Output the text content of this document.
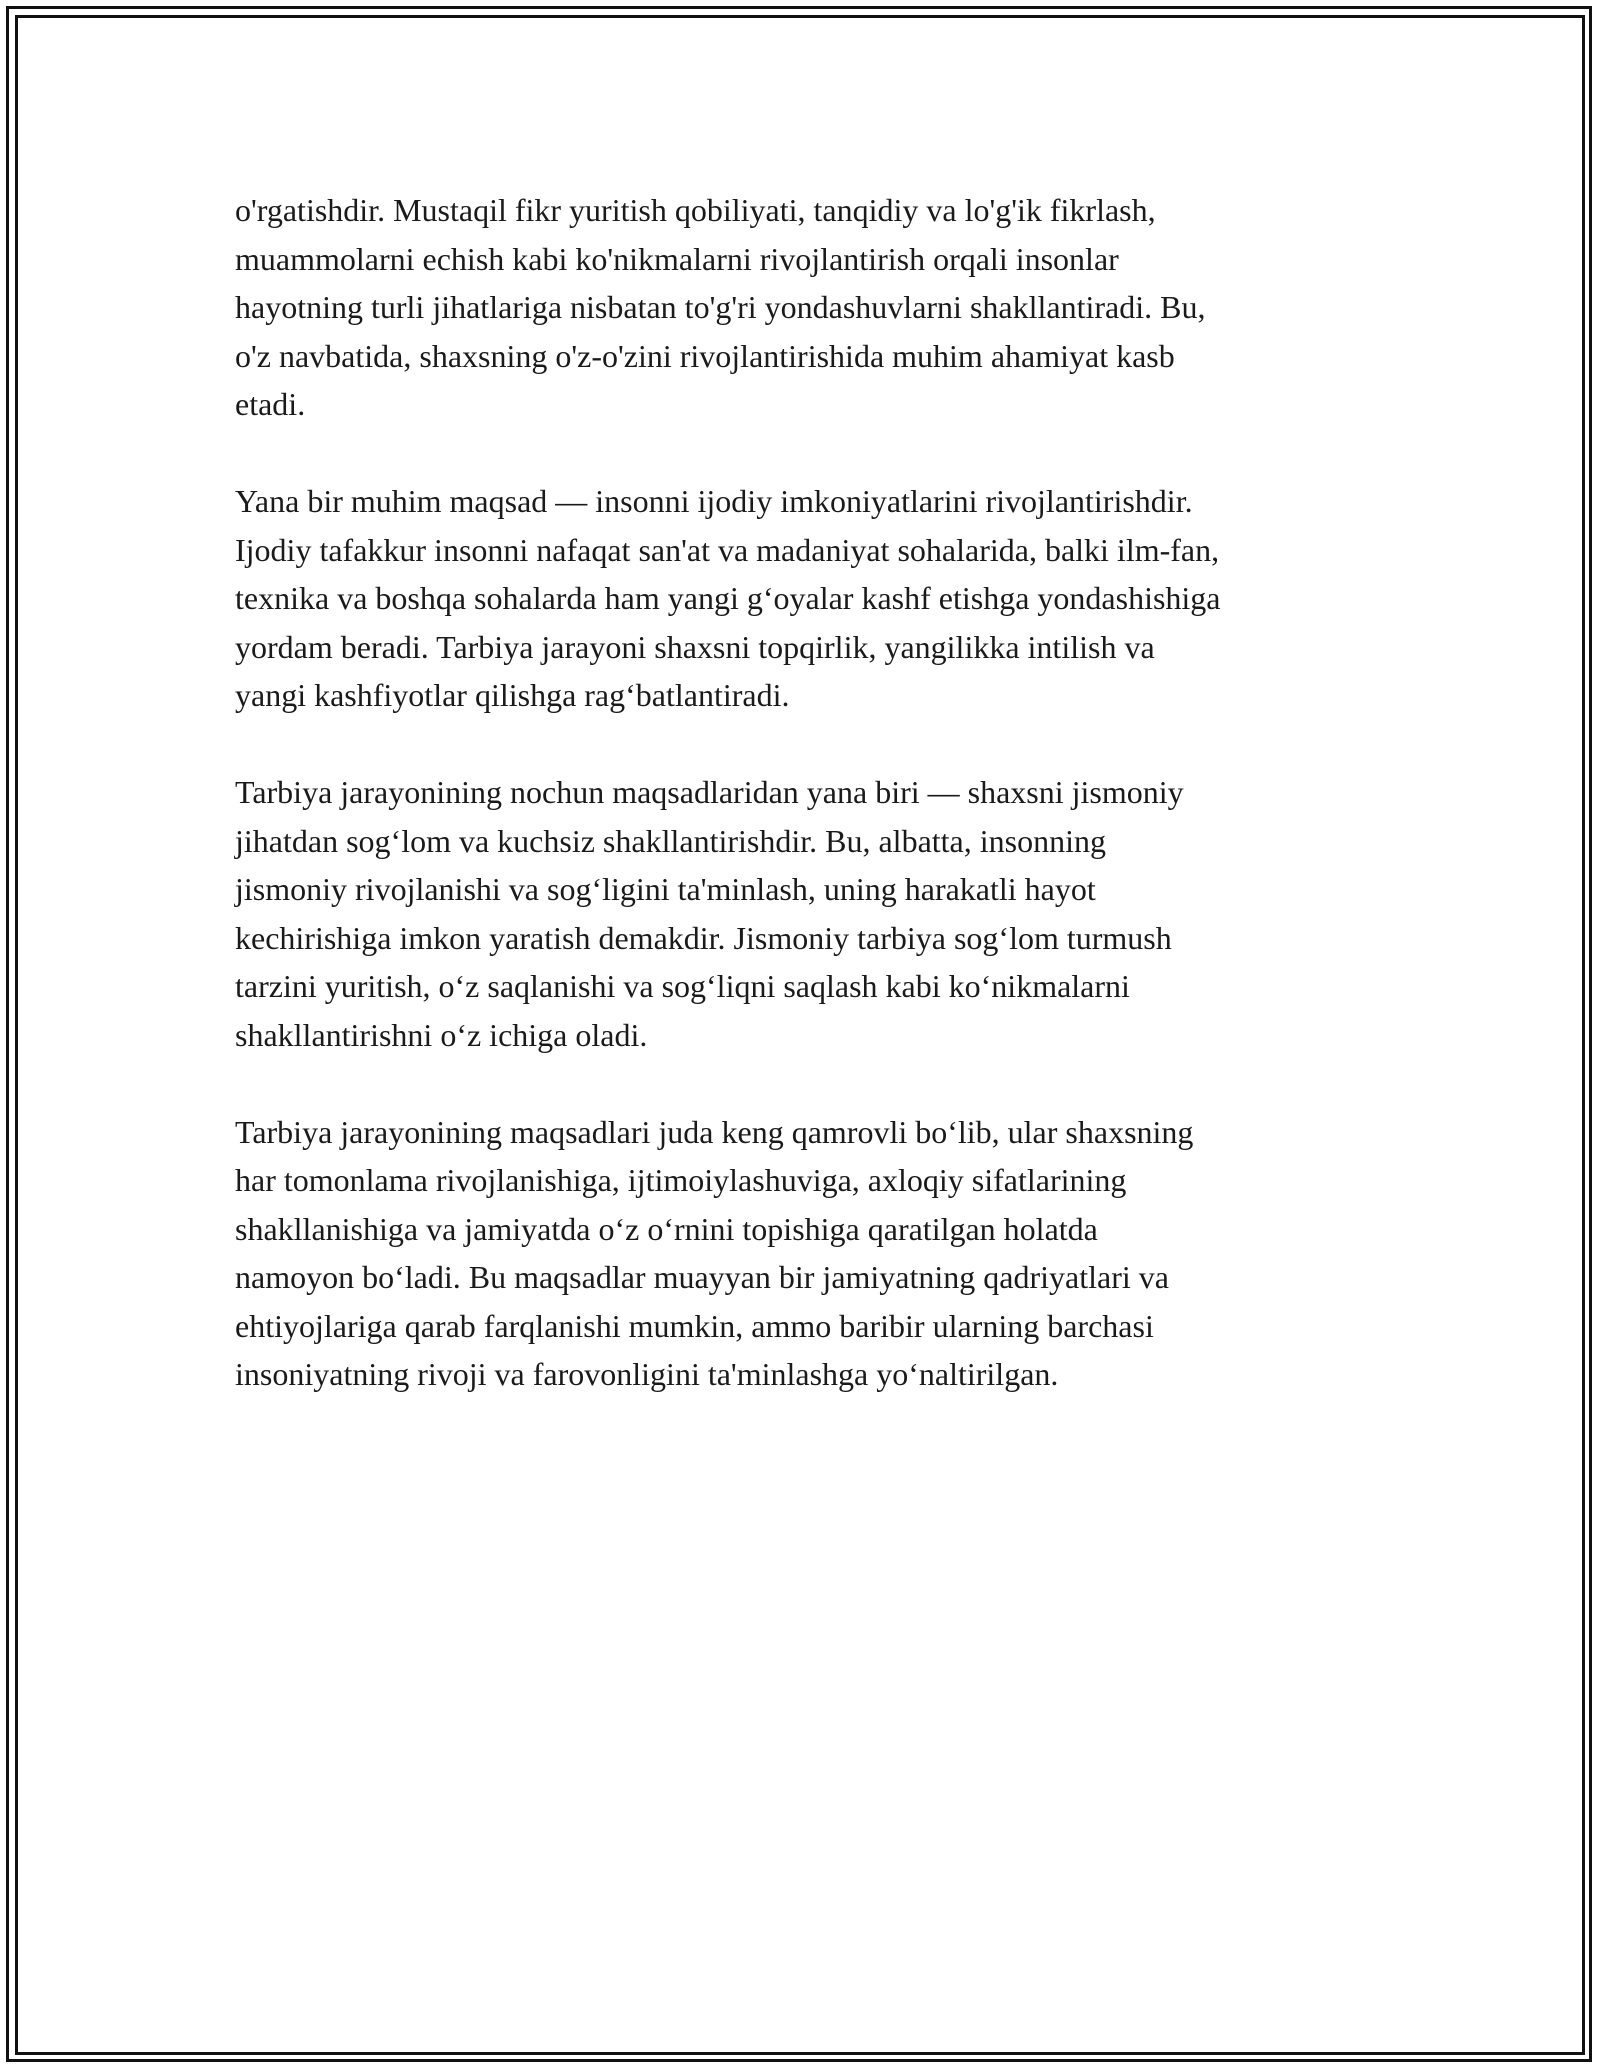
o'rgatishdir. Mustaqil fikr yuritish qobiliyati, tanqidiy va lo'g'ik fikrlash,
muammolarni echish kabi ko'nikmalarni rivojlantirish orqali insonlar
hayotning turli jihatlariga nisbatan to'g'ri yondashuvlarni shakllantiradi. Bu,
o'z navbatida, shaxsning o'z-o'zini rivojlantirishida muhim ahamiyat kasb
etadi.

Yana bir muhim maqsad — insonni ijodiy imkoniyatlarini rivojlantirishdir.
Ijodiy tafakkur insonni nafaqat san'at va madaniyat sohalarida, balki ilm-fan,
texnika va boshqa sohalarda ham yangi g‘oyalar kashf etishga yondashishiga
yordam beradi. Tarbiya jarayoni shaxsni topqirlik, yangilikka intilish va
yangi kashfiyotlar qilishga rag‘batlantiradi.

Tarbiya jarayonining nochun maqsadlaridan yana biri — shaxsni jismoniy
jihatdan sog‘lom va kuchsiz shakllantirishdir. Bu, albatta, insonning
jismoniy rivojlanishi va sog‘ligini ta'minlash, uning harakatli hayot
kechirishiga imkon yaratish demakdir. Jismoniy tarbiya sog‘lom turmush
tarzini yuritish, o‘z saqlanishi va sog‘liqni saqlash kabi ko‘nikmalarni
shakllantirishni o‘z ichiga oladi.

Tarbiya jarayonining maqsadlari juda keng qamrovli bo‘lib, ular shaxsning
har tomonlama rivojlanishiga, ijtimoiylashuviga, axloqiy sifatlarining
shakllanishiga va jamiyatda o‘z o‘rnini topishiga qaratilgan holatda
namoyon bo‘ladi. Bu maqsadlar muayyan bir jamiyatning qadriyatlari va
ehtiyojlariga qarab farqlanishi mumkin, ammo baribir ularning barchasi
insoniyatning rivoji va farovonligini ta'minlashga yo‘naltirilgan.
